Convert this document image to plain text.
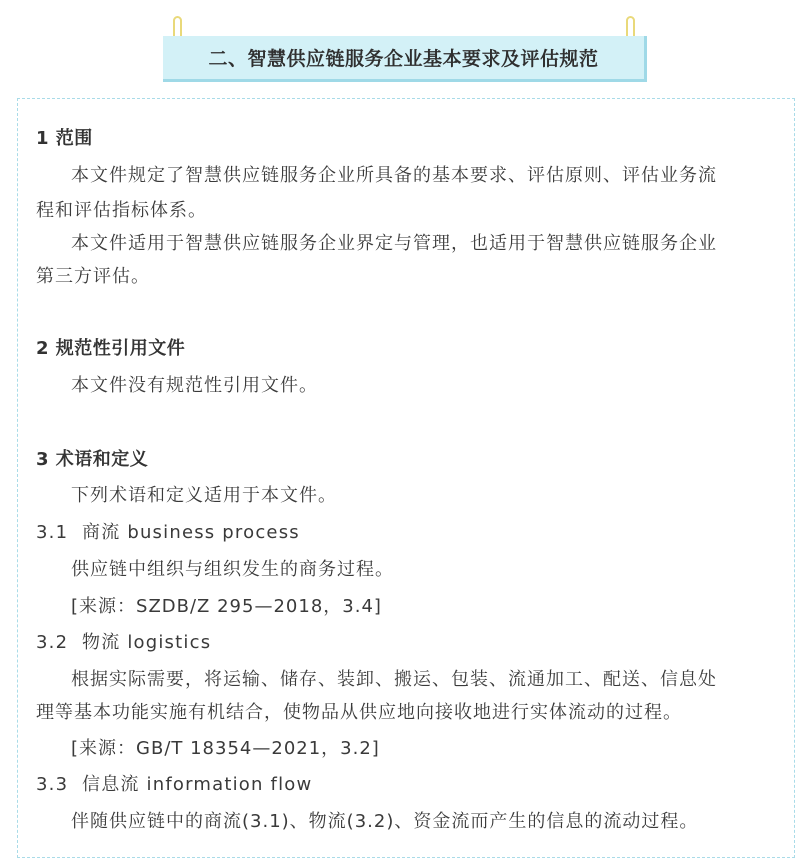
二、智慧供应链服务企业基本要求及评估规范
1 范围
本文件规定了智慧供应链服务企业所具备的基本要求、评估原则、评估业务流
程和评估指标体系。
本文件适用于智慧供应链服务企业界定与管理，也适用于智慧供应链服务企业
第三方评估。
2 规范性引用文件
本文件没有规范性引用文件。
3 术语和定义
下列术语和定义适用于本文件。
3.1 商流 business process
供应链中组织与组织发生的商务过程。
[来源：SZDB/Z 295—2018，3.4]
3.2 物流 logistics
根据实际需要，将运输、储存、装卸、搬运、包装、流通加工、配送、信息处
理等基本功能实施有机结合，使物品从供应地向接收地进行实体流动的过程。
[来源：GB/T 18354—2021，3.2]
3.3 信息流 information flow
伴随供应链中的商流(3.1)、物流(3.2)、资金流而产生的信息的流动过程。
